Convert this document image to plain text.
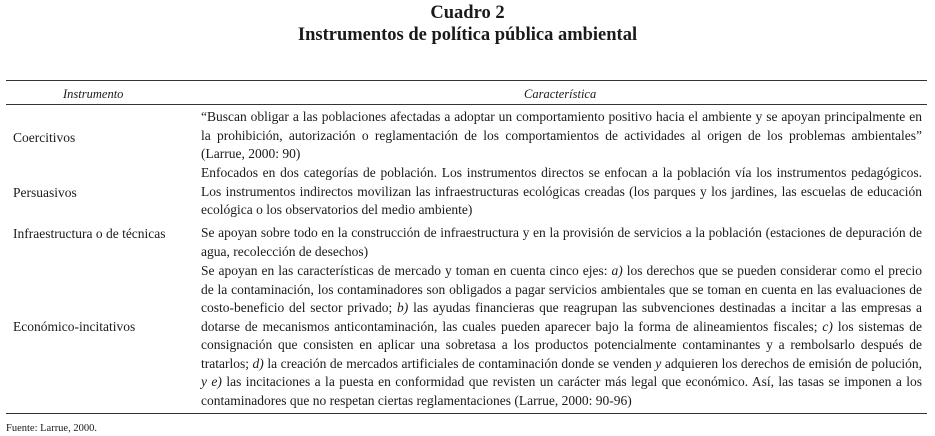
Cuadro 2
Instrumentos de política pública ambiental
Instrumento	Característica
Coercitivos
“Buscan obligar a las poblaciones afectadas a adoptar un comportamiento positivo hacia el ambiente y se apoyan principalmente en la prohibición, autorización o reglamentación de los comportamientos de actividades al origen de los problemas ambientales” (Larrue, 2000: 90)
Persuasivos
Enfocados en dos categorías de población. Los instrumentos directos se enfocan a la población vía los instrumentos pedagógicos. Los instrumentos indirectos movilizan las infraestructuras ecológicas creadas (los parques y los jardines, las escuelas de educación ecológica o los observatorios del medio ambiente)
Infraestructura o de técnicas	Se apoyan sobre todo en la construcción de infraestructura y en la provisión de servicios a la población (estaciones de depuración de agua, recolección de desechos)
Económico-incitativos
Se apoyan en las características de mercado y toman en cuenta cinco ejes: a) los derechos que se pueden considerar como el precio de la contaminación, los contaminadores son obligados a pagar servicios ambientales que se toman en cuenta en las evaluaciones de costo-beneficio del sector privado; b) las ayudas financieras que reagrupan las subvenciones destinadas a incitar a las empresas a dotarse de mecanismos anticontaminación, las cuales pueden aparecer bajo la forma de alineamientos fiscales; c) los sistemas de consignación que consisten en aplicar una sobretasa a los productos potencialmente contaminantes y a rembolsarlo después de tratarlos; d) la creación de mercados artificiales de contaminación donde se venden y adquieren los derechos de emisión de polución, y e) las incitaciones a la puesta en conformidad que revisten un carácter más legal que económico. Así, las tasas se imponen a los contaminadores que no respetan ciertas reglamentaciones (Larrue, 2000: 90-96)
Fuente: Larrue, 2000.
